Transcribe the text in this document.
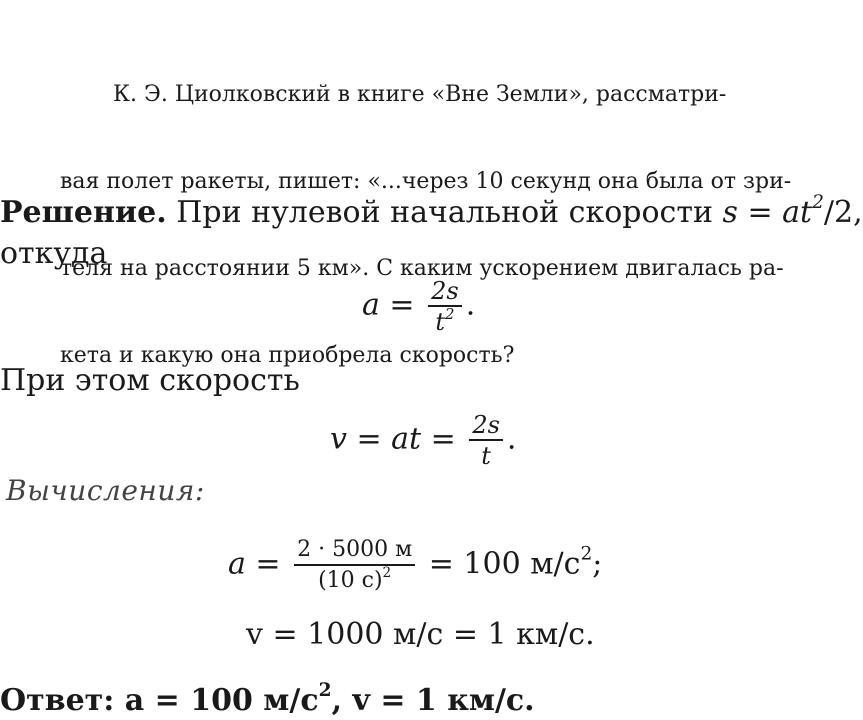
К. Э. Циолковский в книге «Вне Земли», рассматри-

вая полет ракеты, пишет: «...через 10 секунд она была от зри-

теля на расстоянии 5 км». С каким ускорением двигалась ра-

кета и какую она приобрела скорость?

Решение. При нулевой начальной скорости $s = at^2/2$,
откуда
$a = \frac{2s}{t^2}$ .
При этом скорость
v = at = $\frac{2s}{t}$ .
Вычисления:
$a = \frac{2 \cdot 5000 м}{(10 с)^2} = 100$ $м/с^2$;
v = 1000 м/с = 1 км/с.
Ответ: a = 100 $м/с^2$, v = 1 км/с.
